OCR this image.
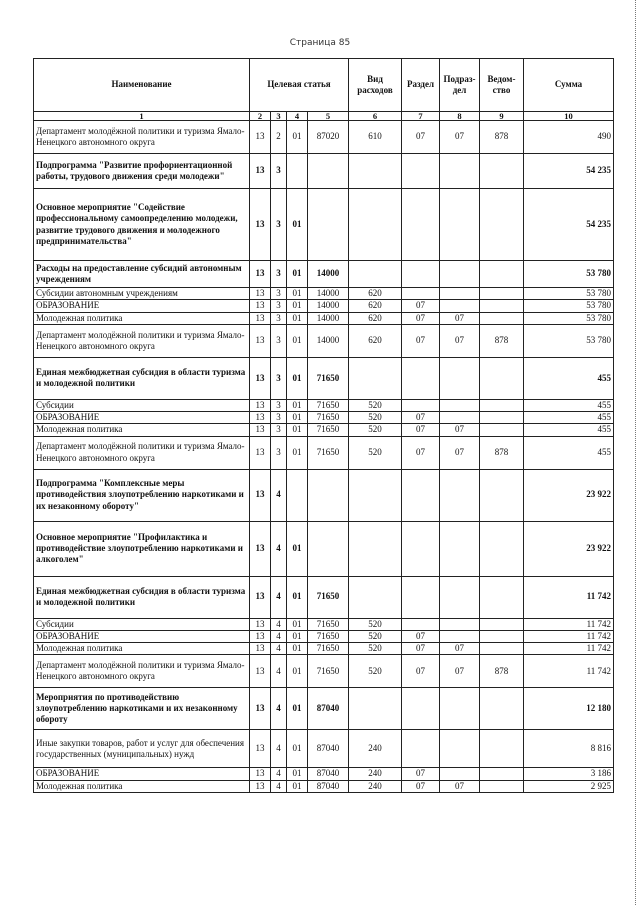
Страница 85
Наименование	Целевая статья				Вид расходов	Раздел	Подраз- дел	Ведом- ство	Сумма
1	2	3	4	5	6	7	8	9	10
Департамент молодёжной политики и туризма Ямало-Ненецкого автономного округа	13	2	01	87020	610	07	07	878	490
Подпрограмма "Развитие профориентационной работы, трудового движения среди молодежи"	13	3							54 235
Основное мероприятие "Содействие профессиональному самоопределению молодежи, развитие трудового движения и молодежного предпринимательства"	13	3	01						54 235
Расходы на предоставление субсидий автономным учреждениям	13	3	01	14000					53 780
Субсидии автономным учреждениям	13	3	01	14000	620				53 780
ОБРАЗОВАНИЕ	13	3	01	14000	620	07			53 780
Молодежная политика	13	3	01	14000	620	07	07		53 780
Департамент молодёжной политики и туризма Ямало-Ненецкого автономного округа	13	3	01	14000	620	07	07	878	53 780
Единая межбюджетная субсидия в области туризма и молодежной политики	13	3	01	71650					455
Субсидии	13	3	01	71650	520				455
ОБРАЗОВАНИЕ	13	3	01	71650	520	07			455
Молодежная политика	13	3	01	71650	520	07	07		455
Департамент молодёжной политики и туризма Ямало-Ненецкого автономного округа	13	3	01	71650	520	07	07	878	455
Подпрограмма "Комплексные меры противодействия злоупотреблению наркотиками и их незаконному обороту"	13	4							23 922
Основное мероприятие "Профилактика и противодействие злоупотреблению наркотиками и алкоголем"	13	4	01						23 922
Единая межбюджетная субсидия в области туризма и молодежной политики	13	4	01	71650					11 742
Субсидии	13	4	01	71650	520				11 742
ОБРАЗОВАНИЕ	13	4	01	71650	520	07			11 742
Молодежная политика	13	4	01	71650	520	07	07		11 742
Департамент молодёжной политики и туризма Ямало-Ненецкого автономного округа	13	4	01	71650	520	07	07	878	11 742
Мероприятия по противодействию злоупотреблению наркотиками и их незаконному обороту	13	4	01	87040					12 180
Иные закупки товаров, работ и услуг для обеспечения государственных (муниципальных) нужд	13	4	01	87040	240				8 816
ОБРАЗОВАНИЕ	13	4	01	87040	240	07			3 186
Молодежная политика	13	4	01	87040	240	07	07		2 925
